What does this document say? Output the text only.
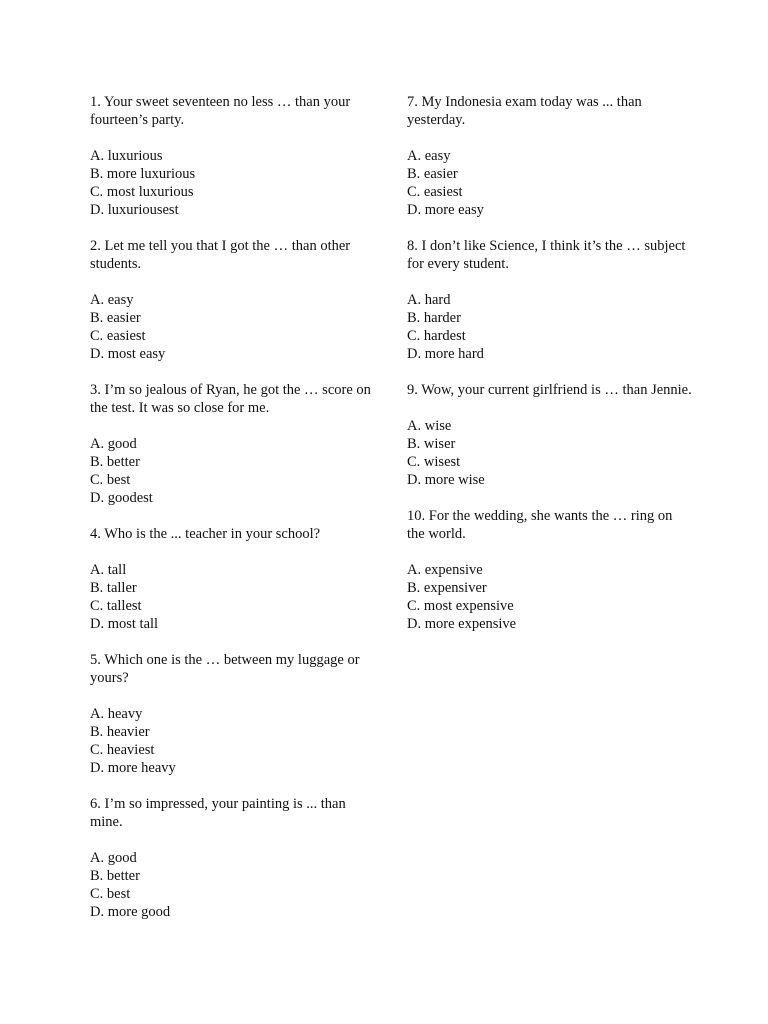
1. Your sweet seventeen no less … than your fourteen’s party.
A. luxurious
B. more luxurious
C. most luxurious
D. luxuriousest
2. Let me tell you that I got the … than other students.
A. easy
B. easier
C. easiest
D. most easy
3. I’m so jealous of Ryan, he got the … score on the test. It was so close for me.
A. good
B. better
C. best
D. goodest
4. Who is the ... teacher in your school?
A. tall
B. taller
C. tallest
D. most tall
5. Which one is the … between my luggage or yours?
A. heavy
B. heavier
C. heaviest
D. more heavy
6. I’m so impressed, your painting is ... than mine.
A. good
B. better
C. best
D. more good
7. My Indonesia exam today was ... than yesterday.
A. easy
B. easier
C. easiest
D. more easy
8. I don’t like Science, I think it’s the … subject for every student.
A. hard
B. harder
C. hardest
D. more hard
9. Wow, your current girlfriend is … than Jennie.
A. wise
B. wiser
C. wisest
D. more wise
10. For the wedding, she wants the … ring on the world.
A. expensive
B. expensiver
C. most expensive
D. more expensive
